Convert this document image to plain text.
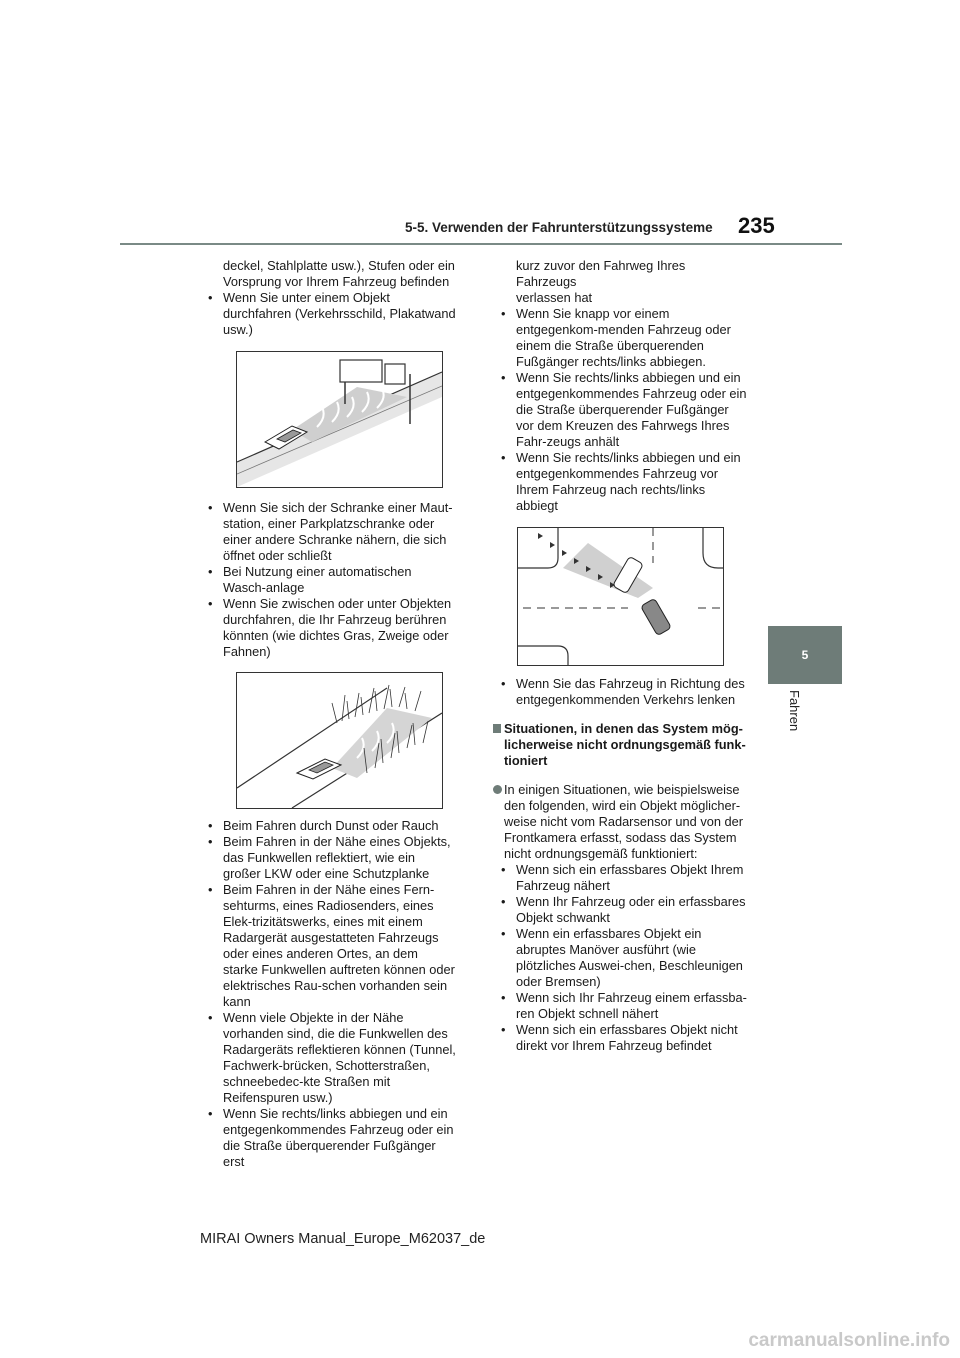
5-5. Verwenden der Fahrunterstützungssysteme 235
5
Fahren

deckel, Stahlplatte usw.), Stufen oder ein

Vorsprung vor Ihrem Fahrzeug befinden

• Wenn Sie unter einem Objekt durchfahren (Verkehrsschild, Plakatwand usw.)

• Wenn Sie sich der Schranke einer Maut-station, einer Parkplatzschranke oder einer andere Schranke nähern, die sich öffnet oder schließt

• Bei Nutzung einer automatischen Wasch-anlage

• Wenn Sie zwischen oder unter Objekten durchfahren, die Ihr Fahrzeug berühren könnten (wie dichtes Gras, Zweige oder Fahnen)

• Beim Fahren durch Dunst oder Rauch

• Beim Fahren in der Nähe eines Objekts, das Funkwellen reflektiert, wie ein großer LKW oder eine Schutzplanke

• Beim Fahren in der Nähe eines Fern-sehturms, eines Radiosenders, eines Elek-trizitätswerks, eines mit einem Radargerät ausgestatteten Fahrzeugs oder eines anderen Ortes, an dem starke Funkwellen auftreten können oder elektrisches Rau-schen vorhanden sein kann

• Wenn viele Objekte in der Nähe vorhanden sind, die die Funkwellen des Radargeräts reflektieren können (Tunnel, Fachwerk-brücken, Schotterstraßen, schneebedec-kte Straßen mit Reifenspuren usw.)

• Wenn Sie rechts/links abbiegen und ein entgegenkommendes Fahrzeug oder ein die Straße überquerender Fußgänger erst

kurz zuvor den Fahrweg Ihres Fahrzeugs

verlassen hat

• Wenn Sie knapp vor einem entgegenkom-menden Fahrzeug oder einem die Straße überquerenden Fußgänger rechts/links abbiegen.

• Wenn Sie rechts/links abbiegen und ein entgegenkommendes Fahrzeug oder ein die Straße überquerender Fußgänger vor dem Kreuzen des Fahrwegs Ihres Fahr-zeugs anhält

• Wenn Sie rechts/links abbiegen und ein entgegenkommendes Fahrzeug vor Ihrem Fahrzeug nach rechts/links abbiegt

• Wenn Sie das Fahrzeug in Richtung des entgegenkommenden Verkehrs lenken

Situationen, in denen das System mög-licherweise nicht ordnungsgemäß funk-tioniert

In einigen Situationen, wie beispielsweise den folgenden, wird ein Objekt möglicher-weise nicht vom Radarsensor und von der Frontkamera erfasst, sodass das System nicht ordnungsgemäß funktioniert:

• Wenn sich ein erfassbares Objekt Ihrem Fahrzeug nähert

• Wenn Ihr Fahrzeug oder ein erfassbares Objekt schwankt

• Wenn ein erfassbares Objekt ein abruptes Manöver ausführt (wie plötzliches Auswei-chen, Beschleunigen oder Bremsen)

• Wenn sich Ihr Fahrzeug einem erfassba-ren Objekt schnell nähert

• Wenn sich ein erfassbares Objekt nicht direkt vor Ihrem Fahrzeug befindet

MIRAI Owners Manual_Europe_M62037_de
carmanualsonline.info
